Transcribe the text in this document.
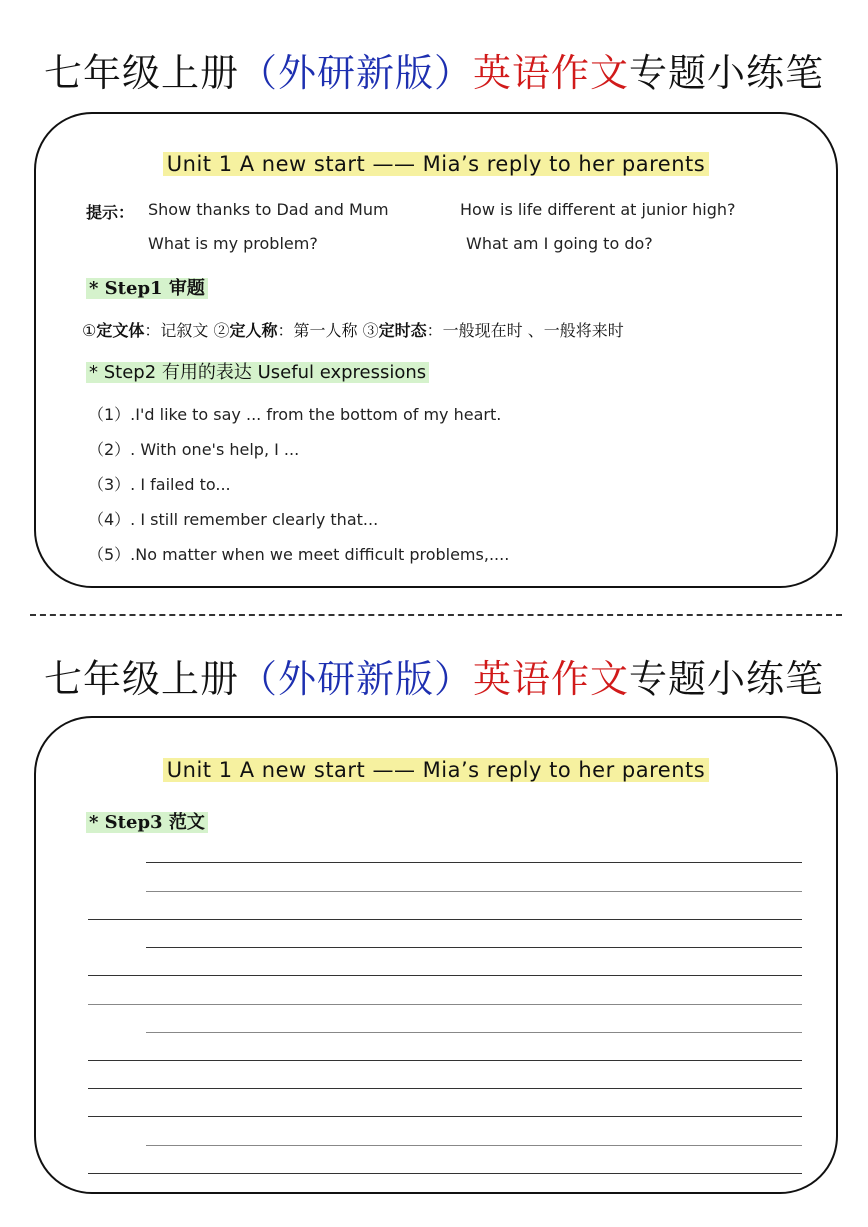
七年级上册（外研新版）英语作文专题小练笔
Unit 1 A new start —— Mia’s reply to her parents
提示： Show thanks to Dad and Mum	How is life different at junior high?
What is my problem?	What am I going to do?
* Step1 审题
①定文体：记叙文 ②定人称：第一人称 ③定时态：一般现在时 、一般将来时
* Step2 有用的表达 Useful expressions
（1）.I'd like to say ... from the bottom of my heart.
（2）. With one's help, I ...
（3）. I failed to...
（4）. I still remember clearly that...
（5）.No matter when we meet difficult problems,....
七年级上册（外研新版）英语作文专题小练笔
Unit 1 A new start —— Mia’s reply to her parents
* Step3 范文
